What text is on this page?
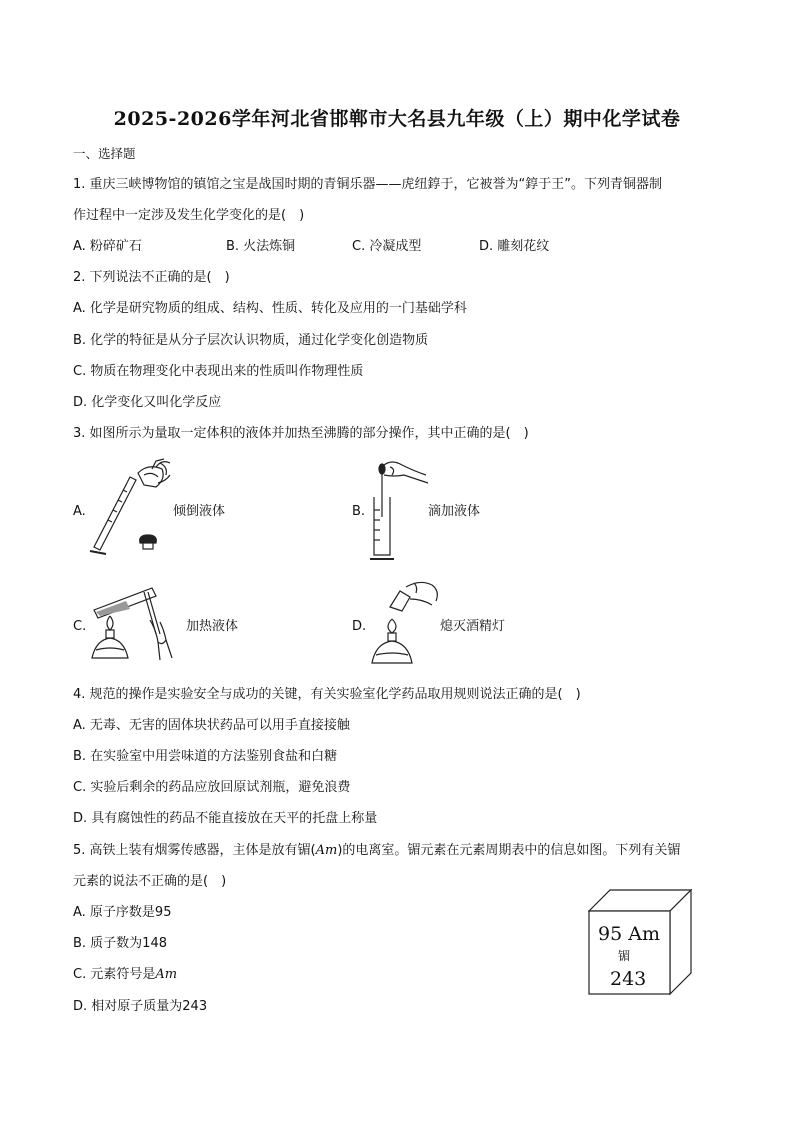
2025-2026学年河北省邯郸市大名县九年级（上）期中化学试卷
一、选择题
1. 重庆三峡博物馆的镇馆之宝是战国时期的青铜乐器——虎纽錞于，它被誉为“錞于王”。下列青铜器制
作过程中一定涉及发生化学变化的是(　)
A. 粉碎矿石	B. 火法炼铜	C. 冷凝成型	D. 雕刻花纹
2. 下列说法不正确的是(　)
A. 化学是研究物质的组成、结构、性质、转化及应用的一门基础学科
B. 化学的特征是从分子层次认识物质，通过化学变化创造物质
C. 物质在物理变化中表现出来的性质叫作物理性质
D. 化学变化又叫化学反应
3. 如图所示为量取一定体积的液体并加热至沸腾的部分操作，其中正确的是(　)
A.	倾倒液体	B.	滴加液体
C.	加热液体	D.	熄灭酒精灯
4. 规范的操作是实验安全与成功的关键，有关实验室化学药品取用规则说法正确的是(　)
A. 无毒、无害的固体块状药品可以用手直接接触
B. 在实验室中用尝味道的方法鉴别食盐和白糖
C. 实验后剩余的药品应放回原试剂瓶，避免浪费
D. 具有腐蚀性的药品不能直接放在天平的托盘上称量
5. 高铁上装有烟雾传感器，主体是放有镅(Am)的电离室。镅元素在元素周期表中的信息如图。下列有关镅
元素的说法不正确的是(　)
A. 原子序数是95
B. 质子数为148
C. 元素符号是Am
D. 相对原子质量为243
95 Am
镅
243
